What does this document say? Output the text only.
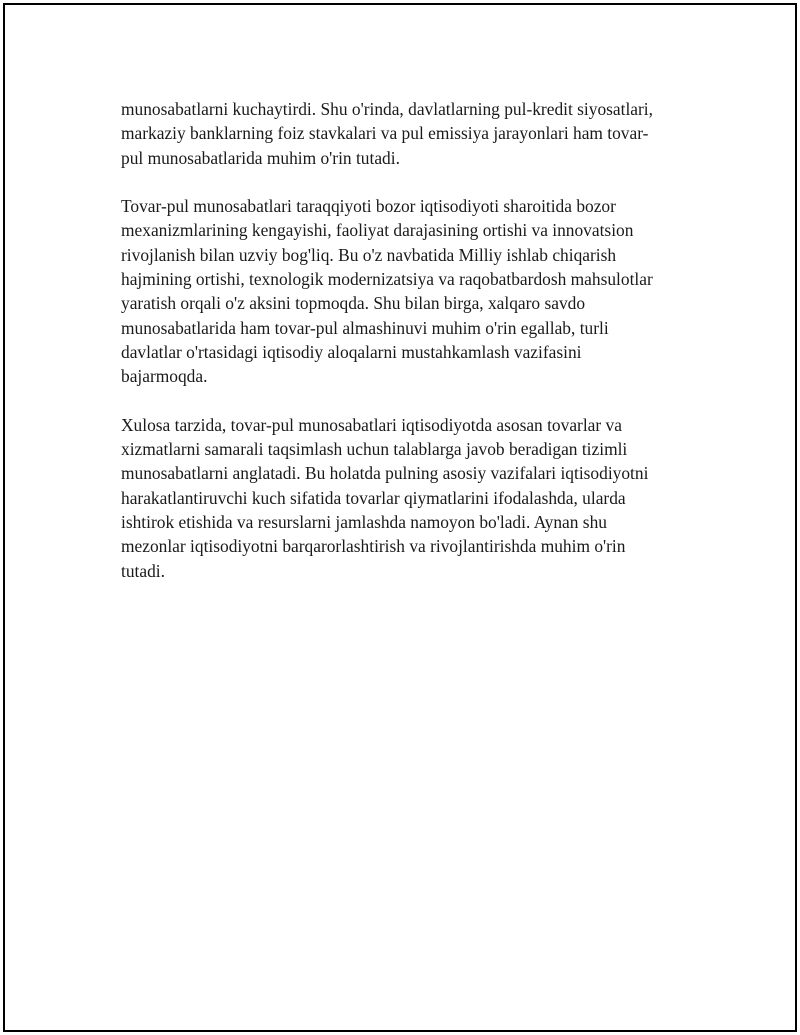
munosabatlarni kuchaytirdi. Shu o'rinda, davlatlarning pul-kredit siyosatlari,
markaziy banklarning foiz stavkalari va pul emissiya jarayonlari ham tovar-
pul munosabatlarida muhim o'rin tutadi.

Tovar-pul munosabatlari taraqqiyoti bozor iqtisodiyoti sharoitida bozor
mexanizmlarining kengayishi, faoliyat darajasining ortishi va innovatsion
rivojlanish bilan uzviy bog'liq. Bu o'z navbatida Milliy ishlab chiqarish
hajmining ortishi, texnologik modernizatsiya va raqobatbardosh mahsulotlar
yaratish orqali o'z aksini topmoqda. Shu bilan birga, xalqaro savdo
munosabatlarida ham tovar-pul almashinuvi muhim o'rin egallab, turli
davlatlar o'rtasidagi iqtisodiy aloqalarni mustahkamlash vazifasini
bajarmoqda.

Xulosa tarzida, tovar-pul munosabatlari iqtisodiyotda asosan tovarlar va
xizmatlarni samarali taqsimlash uchun talablarga javob beradigan tizimli
munosabatlarni anglatadi. Bu holatda pulning asosiy vazifalari iqtisodiyotni
harakatlantiruvchi kuch sifatida tovarlar qiymatlarini ifodalashda, ularda
ishtirok etishida va resurslarni jamlashda namoyon bo'ladi. Aynan shu
mezonlar iqtisodiyotni barqarorlashtirish va rivojlantirishda muhim o'rin
tutadi.
